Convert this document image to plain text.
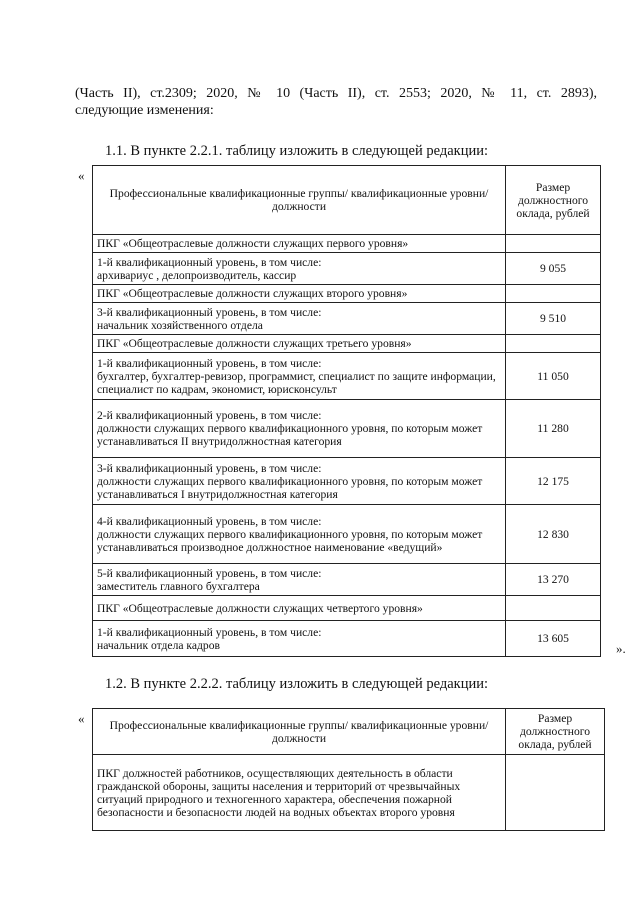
(Часть II), ст.2309; 2020, № 10 (Часть II), ст. 2553; 2020, № 11, ст. 2893),
следующие изменения:
1.1. В пункте 2.2.1. таблицу изложить в следующей редакции:
«
Профессиональные квалификационные группы/ квалификационные уровни/ должности	Размер должностного оклада, рублей
ПКГ «Общеотраслевые должности служащих первого уровня»	
1-й квалификационный уровень, в том числе:
архивариус , делопроизводитель, кассир	9 055
ПКГ «Общеотраслевые должности служащих второго уровня»	
3-й квалификационный уровень, в том числе:
начальник хозяйственного отдела	9 510
ПКГ «Общеотраслевые должности служащих третьего уровня»	
1-й квалификационный уровень, в том числе:
бухгалтер, бухгалтер-ревизор, программист, специалист по защите информации, специалист по кадрам, экономист, юрисконсульт	11 050
2-й квалификационный уровень, в том числе:
должности служащих первого квалификационного уровня, по которым может устанавливаться II внутридолжностная категория	11 280
3-й квалификационный уровень, в том числе:
должности служащих первого квалификационного уровня, по которым может устанавливаться I внутридолжностная категория	12 175
4-й квалификационный уровень, в том числе:
должности служащих первого квалификационного уровня, по которым может устанавливаться производное должностное наименование «ведущий»	12 830
5-й квалификационный уровень, в том числе:
заместитель главного бухгалтера	13 270
ПКГ «Общеотраслевые должности служащих четвертого уровня»	
1-й квалификационный уровень, в том числе:
начальник отдела кадров	13 605
».
1.2. В пункте 2.2.2. таблицу изложить в следующей редакции:
« Профессиональные квалификационные группы/ квалификационные уровни/ должности	Размер должностного оклада, рублей
ПКГ должностей работников, осуществляющих деятельность в области гражданской обороны, защиты населения и территорий от чрезвычайных ситуаций природного и техногенного характера, обеспечения пожарной безопасности и безопасности людей на водных объектах второго уровня	
